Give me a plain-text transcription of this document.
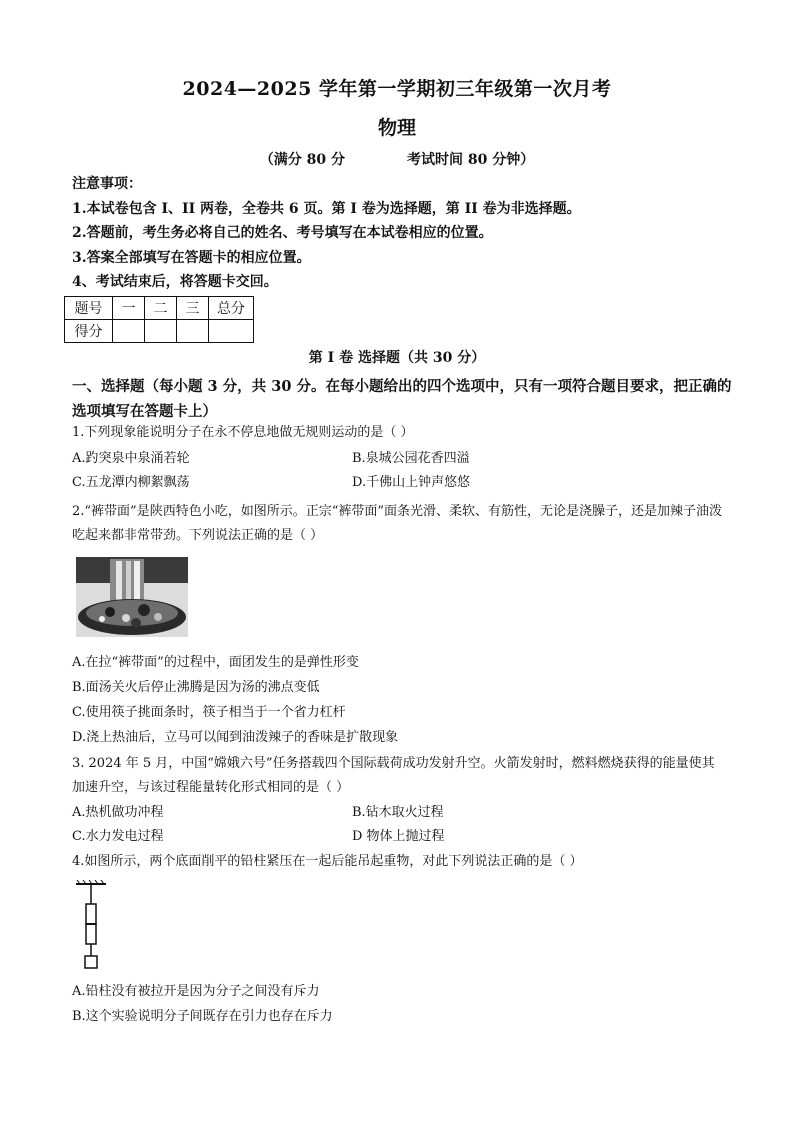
2024—2025 学年第一学期初三年级第一次月考
物理
（满分 80 分	考试时间 80 分钟）
注意事项：
1.本试卷包含 I、II 两卷，全卷共 6 页。第 I 卷为选择题，第 II 卷为非选择题。
2.答题前，考生务必将自己的姓名、考号填写在本试卷相应的位置。
3.答案全部填写在答题卡的相应位置。
4、考试结束后，将答题卡交回。
题号	一	二	三	总分
得分				
第 I 卷 选择题（共 30 分）
一、选择题（每小题 3 分，共 30 分。在每小题给出的四个选项中，只有一项符合题目要求，把正确的选项填写在答题卡上）
1.下列现象能说明分子在永不停息地做无规则运动的是（ ）
A.趵突泉中泉涌若轮	B.泉城公园花香四溢
C.五龙潭内柳絮飘荡	D.千佛山上钟声悠悠
2.“裤带面”是陕西特色小吃，如图所示。正宗“裤带面”面条光滑、柔软、有筋性，无论是浇臊子，还是加辣子油泼吃起来都非常带劲。下列说法正确的是（ ）
A.在拉“裤带面”的过程中，面团发生的是弹性形变
B.面汤关火后停止沸腾是因为汤的沸点变低
C.使用筷子挑面条时，筷子相当于一个省力杠杆
D.浇上热油后，立马可以闻到油泼辣子的香味是扩散现象
3. 2024 年 5 月，中国“嫦娥六号”任务搭载四个国际载荷成功发射升空。火箭发射时，燃料燃烧获得的能量使其加速升空，与该过程能量转化形式相同的是（ ）
A.热机做功冲程	B.钻木取火过程
C.水力发电过程	D 物体上抛过程
4.如图所示，两个底面削平的铅柱紧压在一起后能吊起重物，对此下列说法正确的是（ ）
A.铅柱没有被拉开是因为分子之间没有斥力
B.这个实验说明分子间既存在引力也存在斥力
